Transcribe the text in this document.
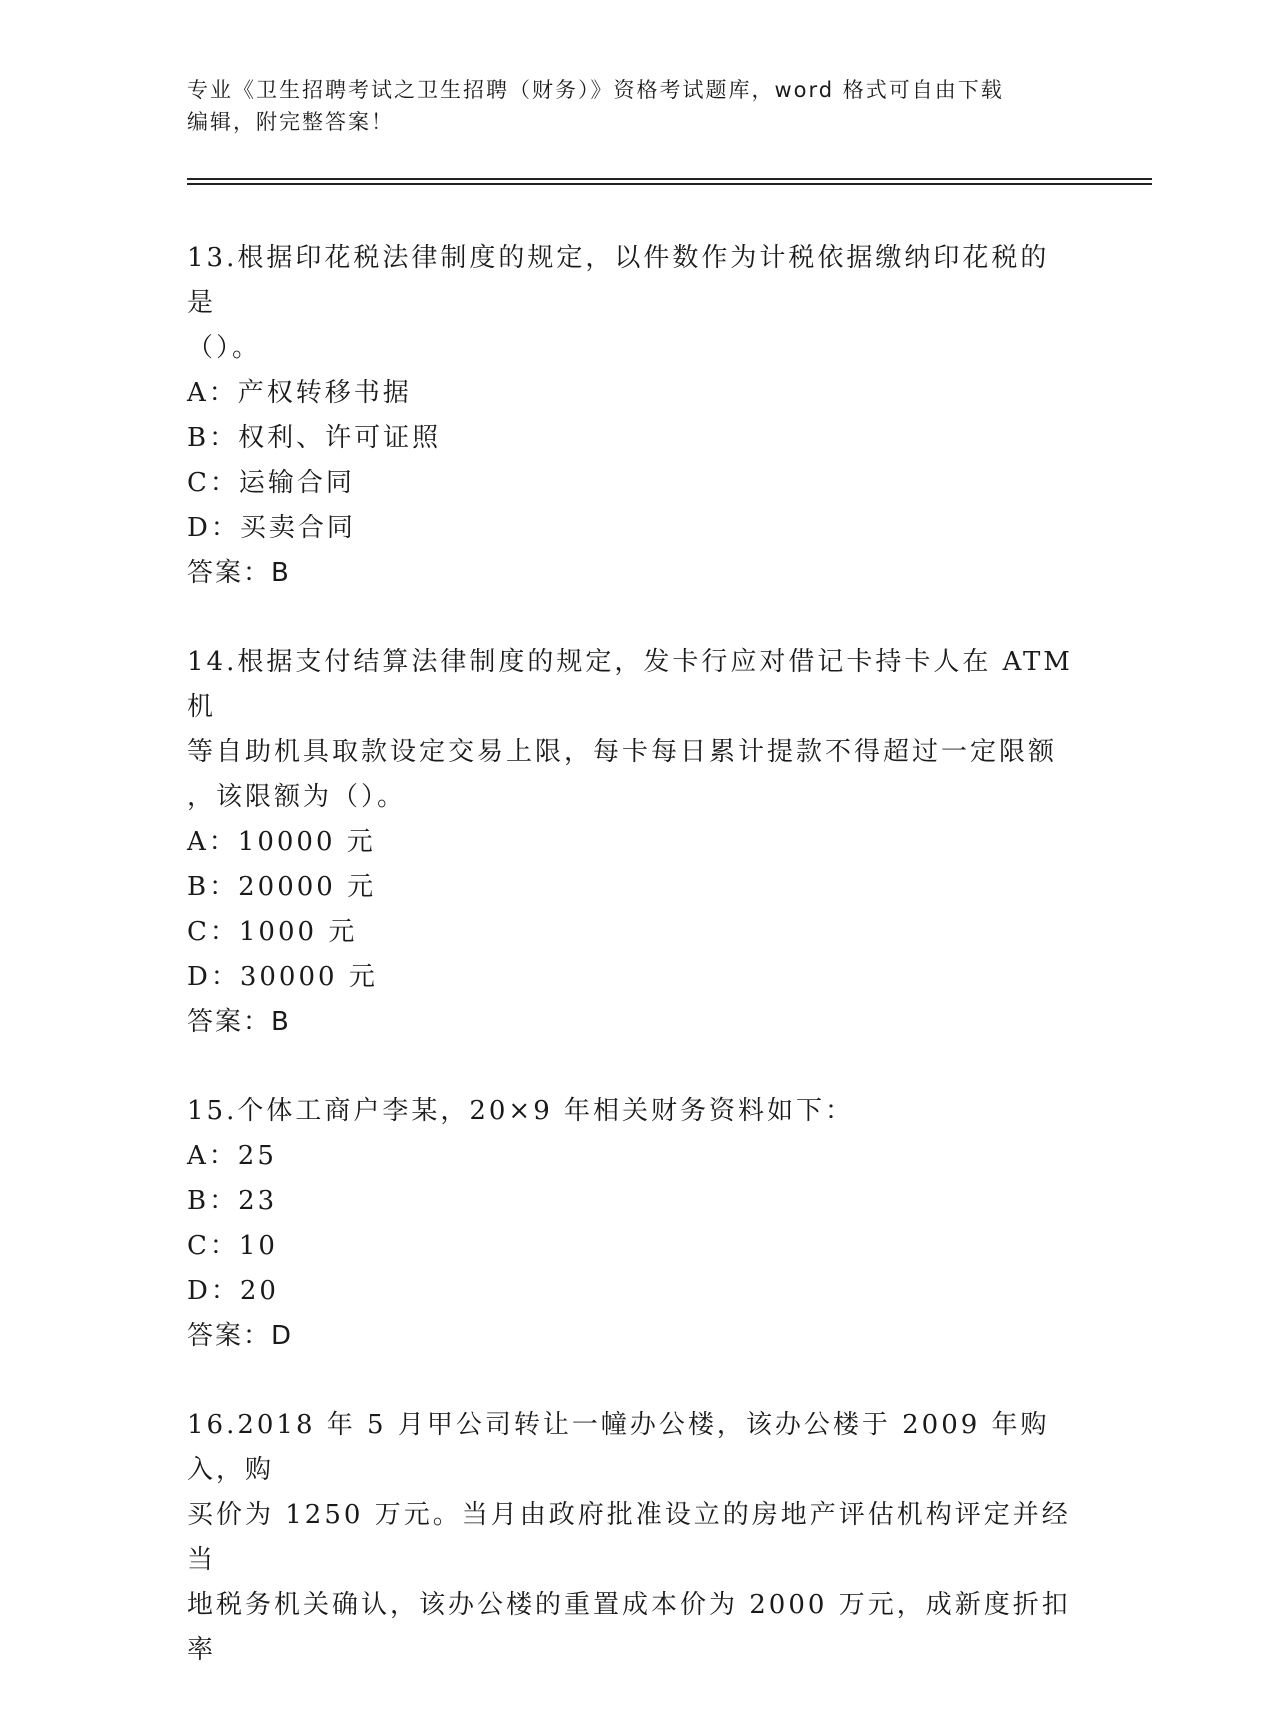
专业《卫生招聘考试之卫生招聘（财务）》资格考试题库，word 格式可自由下载
编辑，附完整答案！

13.根据印花税法律制度的规定，以件数作为计税依据缴纳印花税的是

（）。

A：产权转移书据

B：权利、许可证照

C：运输合同

D：买卖合同

答案：B

14.根据支付结算法律制度的规定，发卡行应对借记卡持卡人在 ATM 机

等自助机具取款设定交易上限，每卡每日累计提款不得超过一定限额

，该限额为（）。

A：10000 元

B：20000 元

C：1000 元

D：30000 元

答案：B

15.个体工商户李某，20×9 年相关财务资料如下：

A：25

B：23

C：10

D：20

答案：D

16.2018 年 5 月甲公司转让一幢办公楼，该办公楼于 2009 年购入，购

买价为 1250 万元。当月由政府批准设立的房地产评估机构评定并经当

地税务机关确认，该办公楼的重置成本价为 2000 万元，成新度折扣率
